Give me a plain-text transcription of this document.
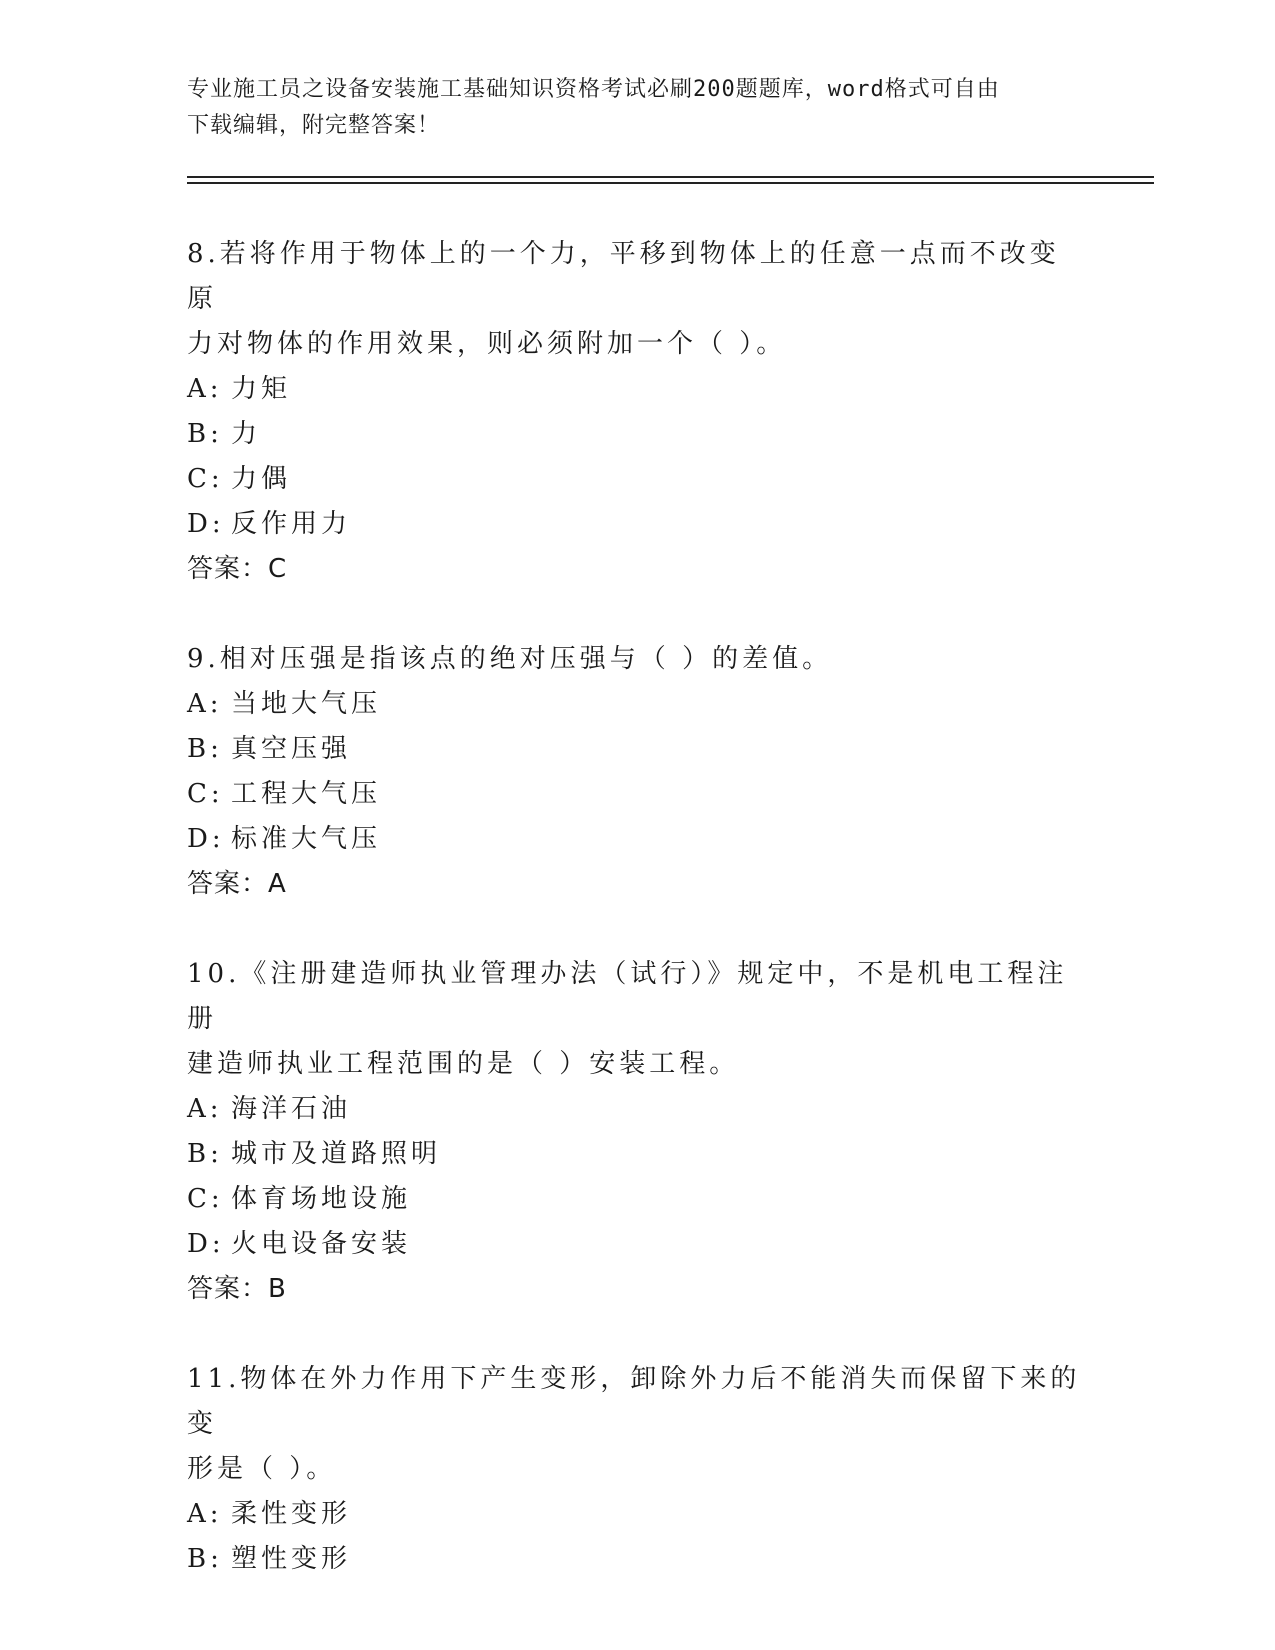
专业施工员之设备安装施工基础知识资格考试必刷200题题库，word格式可自由

下载编辑，附完整答案！

8.若将作用于物体上的一个力，平移到物体上的任意一点而不改变原

力对物体的作用效果，则必须附加一个（ ）。

A: 力矩

B: 力

C: 力偶

D: 反作用力

答案：C

9.相对压强是指该点的绝对压强与（ ）的差值。

A: 当地大气压

B: 真空压强

C: 工程大气压

D: 标准大气压

答案：A

10.《注册建造师执业管理办法（试行）》规定中，不是机电工程注册

建造师执业工程范围的是（ ）安装工程。

A: 海洋石油

B: 城市及道路照明

C: 体育场地设施

D: 火电设备安装

答案：B

11.物体在外力作用下产生变形，卸除外力后不能消失而保留下来的变

形是（ ）。

A: 柔性变形

B: 塑性变形
